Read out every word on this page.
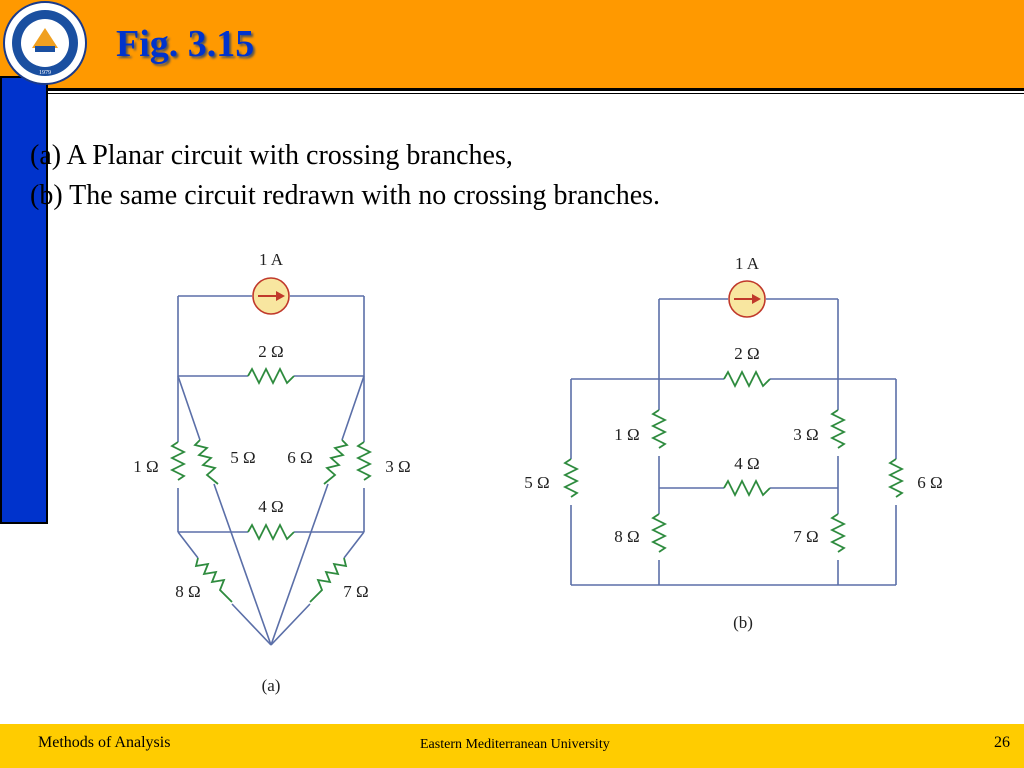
1979
Fig. 3.15
(a) A Planar circuit with crossing branches,
(b) The same circuit redrawn with no crossing branches.
1 A
2 Ω
1 Ω	3 Ω
5 Ω 6 Ω
4 Ω
8 Ω	7 Ω
(a)
1 A
2 Ω
1 Ω	3 Ω
4 Ω
8 Ω	7 Ω
5 Ω	6 Ω
(b)
Methods of Analysis	Eastern Mediterranean University	26
